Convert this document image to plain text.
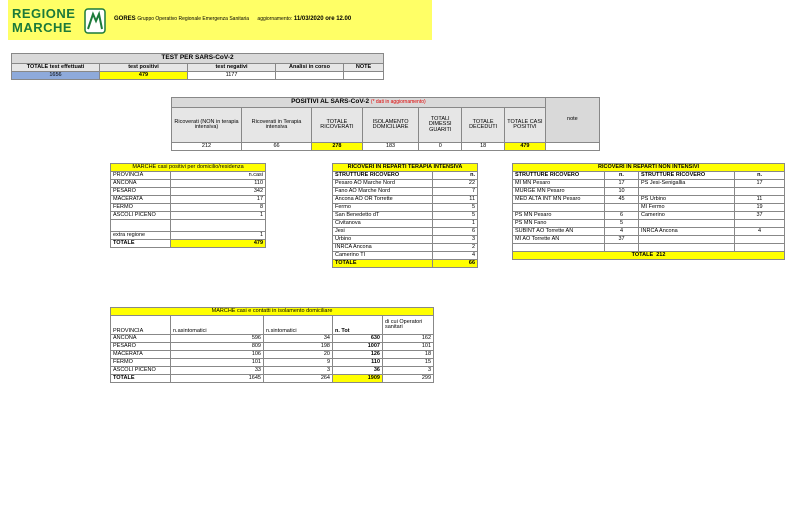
REGIONE
MARCHE
GORES Gruppo Operativo Regionale Emergenza Sanitaria aggiornamento: 11/03/2020 ore 12.00
TEST PER SARS-CoV-2				
TOTALE test effettuati	test positivi	test negativi	Analisi in corso	NOTE
1656	479	1177		
POSITIVI AL SARS-CoV-2 (* dati in aggiornamento)							note
Ricoverati (NON in terapia intensiva)	Ricoverati in Terapia intensiva	TOTALE RICOVERATI	ISOLAMENTO DOMICILIARE	TOTALI DIMESSI GUARITI	TOTALE DECEDUTI	TOTALE CASI POSITIVI	
212	66	278	183	0	18	479	
MARCHE casi positivi per domicilio/residenza	
PROVINCIA	n.casi
ANCONA	110
PESARO	342
MACERATA	17
FERMO	8
ASCOLI PICENO	1

extra regione	1
TOTALE	479
RICOVERI IN REPARTI TERAPIA INTENSIVA	
STRUTTURE RICOVERO	n.
Pesaro AO Marche Nord	22
Fano AO Marche Nord	7
Ancona AO OR Torrette	11
Fermo	5
San Benedetto dT	5
Civitanova	1
Jesi	6
Urbino	3
INRCA Ancona	2
Camerino TI	4
TOTALE	66
RICOVERI IN REPARTI NON INTENSIVI			
STRUTTURE RICOVERO	n.	STRUTTURE RICOVERO	n.
MI MN Pesaro	17	PS Jesi-Senigallia	17
MURGE MN Pesaro	10		
MED ALTA INT MN Pesaro	45	PS Urbino	11
		MI Fermo	19
PS MN Pesaro	6	Camerino	37
PS MN Fano	5		
SUBINT AO Torrette AN	4	INRCA Ancona	4
MI AO Torrette AN	37		

TOTALE 212			
MARCHE casi e contatti in isolamento domiciliare				
PROVINCIA	n.asintomatici	n.sintomatici	n. Tot	di cui Operatori sanitari
ANCONA	596	34	630	162
PESARO	809	198	1007	101
MACERATA	106	20	126	18
FERMO	101	9	110	15
ASCOLI PICENO	33	3	36	3
TOTALE	1645	264	1909	299
